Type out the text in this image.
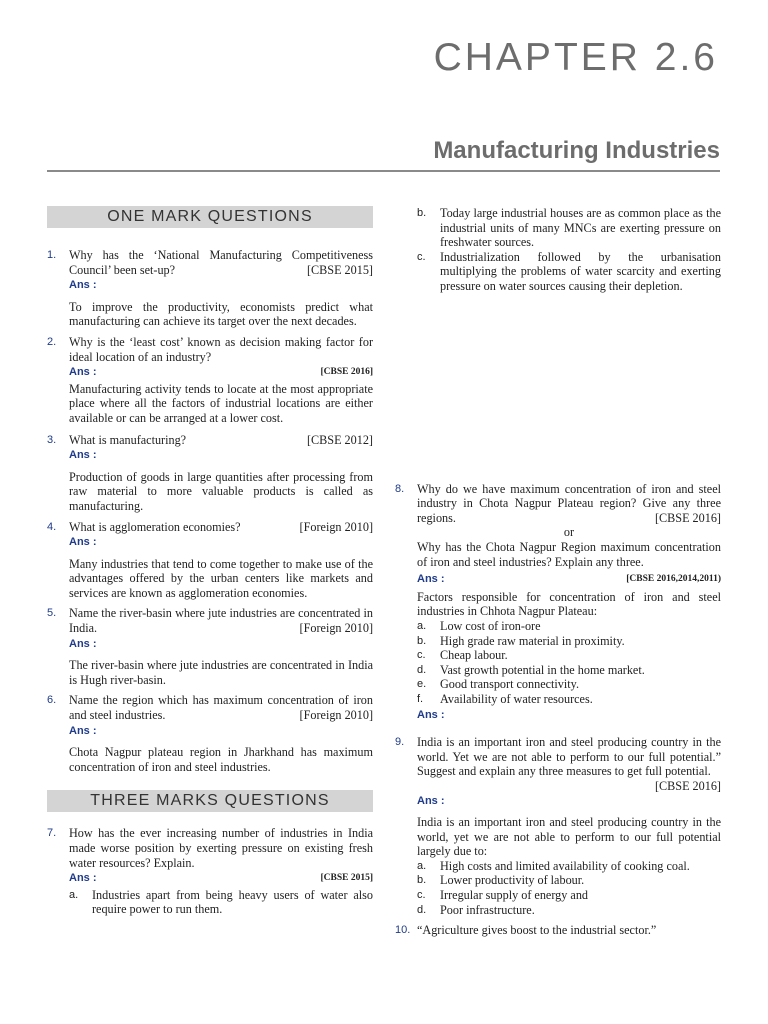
CHAPTER 2.6
Manufacturing Industries
ONE MARK QUESTIONS
1. Why has the ‘National Manufacturing Competitiveness Council’ been set-up?	[CBSE 2015]
Ans :
To improve the productivity, economists predict what manufacturing can achieve its target over the next decades.
2. Why is the ‘least cost’ known as decision making factor for ideal location of an industry?
Ans :	[CBSE 2016]
Manufacturing activity tends to locate at the most appropriate place where all the factors of industrial locations are either available or can be arranged at a lower cost.
3. What is manufacturing?	[CBSE 2012]
Ans :
Production of goods in large quantities after processing from raw material to more valuable products is called as manufacturing.
4. What is agglomeration economies?	[Foreign 2010]
Ans :
Many industries that tend to come together to make use of the advantages offered by the urban centers like markets and services are known as agglomeration economies.
5. Name the river-basin where jute industries are concentrated in India.	[Foreign 2010]
Ans :
The river-basin where jute industries are concentrated in India is Hugh river-basin.
6. Name the region which has maximum concentration of iron and steel industries.	[Foreign 2010]
Ans :
Chota Nagpur plateau region in Jharkhand has maximum concentration of iron and steel industries.
THREE MARKS QUESTIONS
7. How has the ever increasing number of industries in India made worse position by exerting pressure on existing fresh water resources? Explain.
Ans :	[CBSE 2015]
a. Industries apart from being heavy users of water also require power to run them.
b. Today large industrial houses are as common place as the industrial units of many MNCs are exerting pressure on freshwater sources.
c. Industrialization followed by the urbanisation multiplying the problems of water scarcity and exerting pressure on water sources causing their depletion.
8. Why do we have maximum concentration of iron and steel industry in Chota Nagpur Plateau region? Give any three regions.	[CBSE 2016]
or
Why has the Chota Nagpur Region maximum concentration of iron and steel industries? Explain any three.
Ans :	[CBSE 2016,2014,2011)
Factors responsible for concentration of iron and steel industries in Chhota Nagpur Plateau:
a. Low cost of iron-ore
b. High grade raw material in proximity.
c. Cheap labour.
d. Vast growth potential in the home market.
e. Good transport connectivity.
f. Availability of water resources.
Ans :
9. India is an important iron and steel producing country in the world. Yet we are not able to perform to our full potential.” Suggest and explain any three measures to get full potential.
[CBSE 2016]
Ans :
India is an important iron and steel producing country in the world, yet we are not able to perform to our full potential largely due to:
a. High costs and limited availability of cooking coal.
b. Lower productivity of labour.
c. Irregular supply of energy and
d. Poor infrastructure.
10. “Agriculture gives boost to the industrial sector.”
